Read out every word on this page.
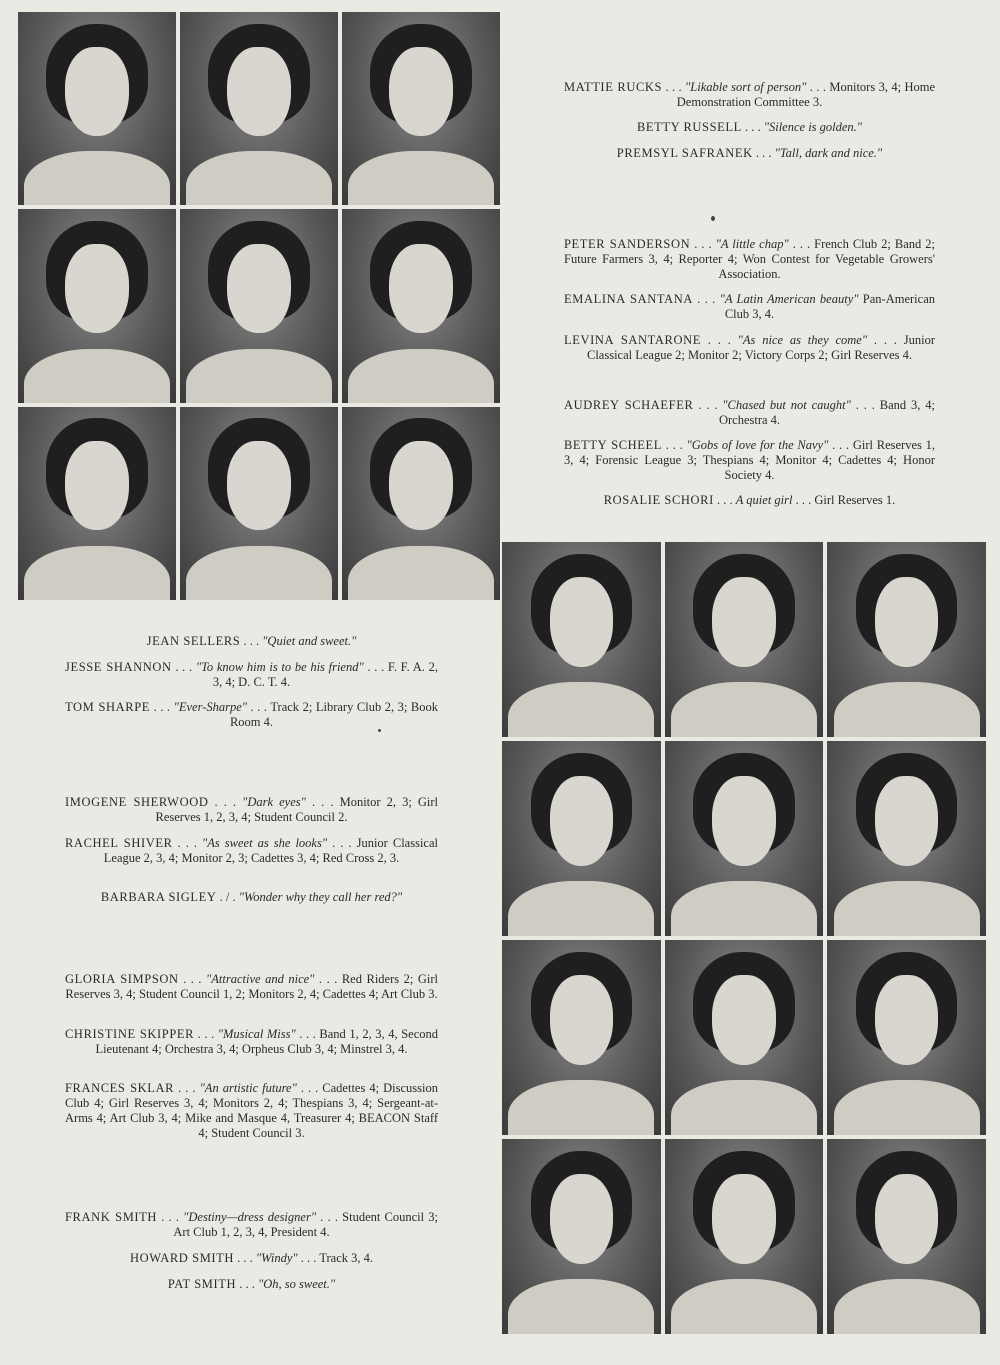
MATTIE RUCKS . . . "Likable sort of person" . . . Monitors 3, 4; Home Demonstration Committee 3.

BETTY RUSSELL . . . "Silence is golden."

PREMSYL SAFRANEK . . . "Tall, dark and nice."

PETER SANDERSON . . . "A little chap" . . . French Club 2; Band 2; Future Farmers 3, 4; Reporter 4; Won Contest for Vegetable Growers' Association.

EMALINA SANTANA . . . "A Latin American beauty" Pan-American Club 3, 4.

LEVINA SANTARONE . . . "As nice as they come" . . . Junior Classical League 2; Monitor 2; Victory Corps 2; Girl Reserves 4.

AUDREY SCHAEFER . . . "Chased but not caught" . . . Band 3, 4; Orchestra 4.

BETTY SCHEEL . . . "Gobs of love for the Navy" . . . Girl Reserves 1, 3, 4; Forensic League 3; Thespians 4; Monitor 4; Cadettes 4; Honor Society 4.

ROSALIE SCHORI . . . A quiet girl . . . Girl Reserves 1.

JEAN SELLERS . . . "Quiet and sweet."

JESSE SHANNON . . . "To know him is to be his friend" . . . F. F. A. 2, 3, 4; D. C. T. 4.

TOM SHARPE . . . "Ever-Sharpe" . . . Track 2; Library Club 2, 3; Book Room 4.

IMOGENE SHERWOOD . . . "Dark eyes" . . . Monitor 2, 3; Girl Reserves 1, 2, 3, 4; Student Council 2.

RACHEL SHIVER . . . "As sweet as she looks" . . . Junior Classical League 2, 3, 4; Monitor 2, 3; Cadettes 3, 4; Red Cross 2, 3.

BARBARA SIGLEY . / . "Wonder why they call her red?"

GLORIA SIMPSON . . . "Attractive and nice" . . . Red Riders 2; Girl Reserves 3, 4; Student Council 1, 2; Monitors 2, 4; Cadettes 4; Art Club 3.

CHRISTINE SKIPPER . . . "Musical Miss" . . . Band 1, 2, 3, 4, Second Lieutenant 4; Orchestra 3, 4; Orpheus Club 3, 4; Minstrel 3, 4.

FRANCES SKLAR . . . "An artistic future" . . . Cadettes 4; Discussion Club 4; Girl Reserves 3, 4; Monitors 2, 4; Thespians 3, 4; Sergeant-at-Arms 4; Art Club 3, 4; Mike and Masque 4, Treasurer 4; BEACON Staff 4; Student Council 3.

FRANK SMITH . . . "Destiny—dress designer" . . . Student Council 3; Art Club 1, 2, 3, 4, President 4.

HOWARD SMITH . . . "Windy" . . . Track 3, 4.

PAT SMITH . . . "Oh, so sweet."
